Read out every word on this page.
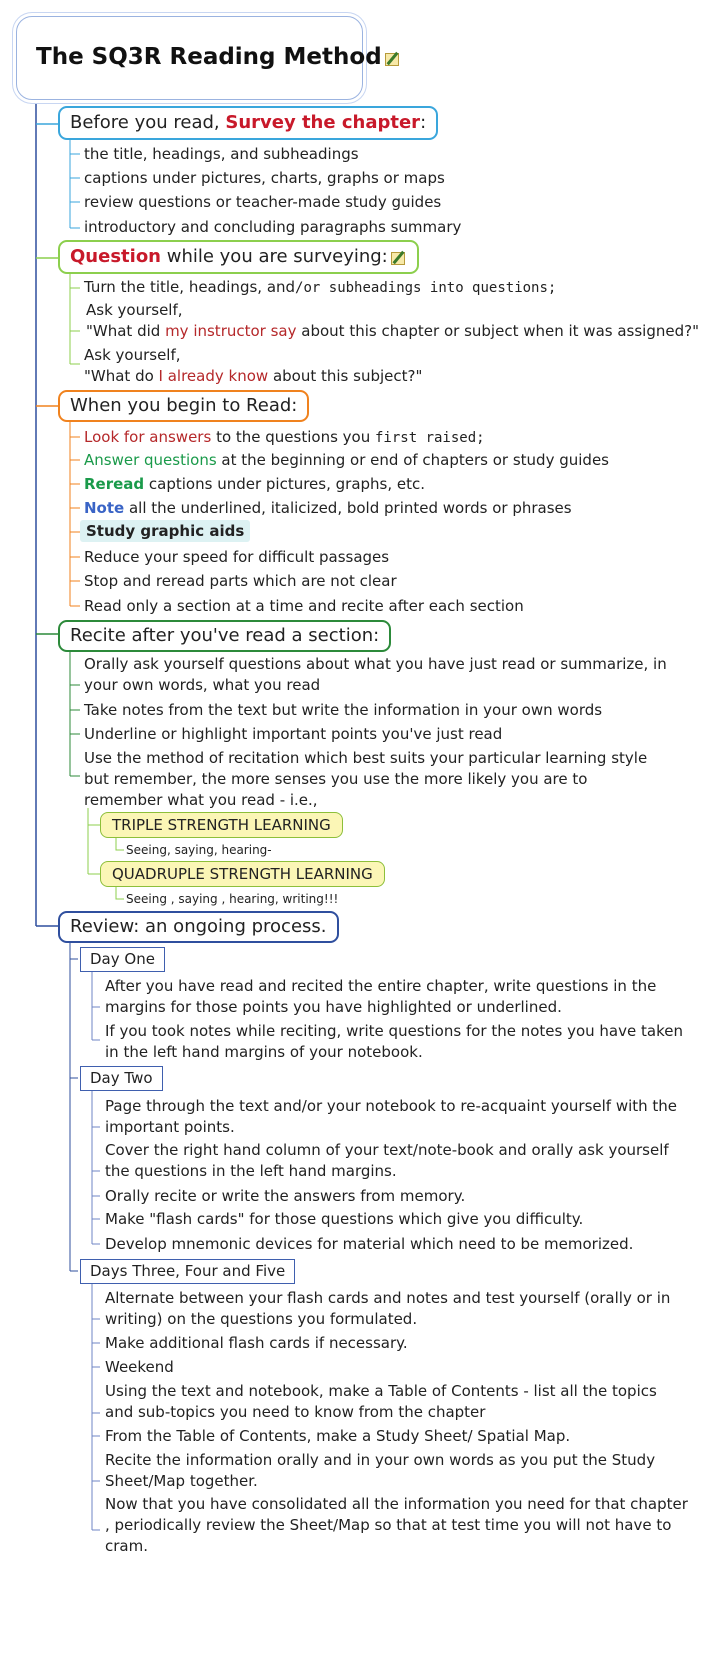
The SQ3R Reading Method
Before you read, Survey the chapter:
the title, headings, and subheadings
captions under pictures, charts, graphs or maps
review questions or teacher-made study guides
introductory and concluding paragraphs summary
Question while you are surveying:
Turn the title, headings, and/or subheadings into questions;
Ask yourself,
"What did my instructor say about this chapter or subject when it was assigned?"
Ask yourself,
"What do I already know about this subject?"
When you begin to Read:
Look for answers to the questions you first raised;
Answer questions at the beginning or end of chapters or study guides
Reread captions under pictures, graphs, etc.
Note all the underlined, italicized, bold printed words or phrases
Study graphic aids
Reduce your speed for difficult passages
Stop and reread parts which are not clear
Read only a section at a time and recite after each section
Recite after you've read a section:
Orally ask yourself questions about what you have just read or summarize, in
your own words, what you read
Take notes from the text but write the information in your own words
Underline or highlight important points you've just read
Use the method of recitation which best suits your particular learning style
but remember, the more senses you use the more likely you are to
remember what you read - i.e.,
TRIPLE STRENGTH LEARNING
Seeing, saying, hearing-
QUADRUPLE STRENGTH LEARNING
Seeing , saying , hearing, writing!!!
Review: an ongoing process.
Day One
After you have read and recited the entire chapter, write questions in the
margins for those points you have highlighted or underlined.
If you took notes while reciting, write questions for the notes you have taken
in the left hand margins of your notebook.
Day Two
Page through the text and/or your notebook to re-acquaint yourself with the
important points.
Cover the right hand column of your text/note-book and orally ask yourself
the questions in the left hand margins.
Orally recite or write the answers from memory.
Make "flash cards" for those questions which give you difficulty.
Develop mnemonic devices for material which need to be memorized.
Days Three, Four and Five
Alternate between your flash cards and notes and test yourself (orally or in
writing) on the questions you formulated.
Make additional flash cards if necessary.
Weekend
Using the text and notebook, make a Table of Contents - list all the topics
and sub-topics you need to know from the chapter
From the Table of Contents, make a Study Sheet/ Spatial Map.
Recite the information orally and in your own words as you put the Study
Sheet/Map together.
Now that you have consolidated all the information you need for that chapter
, periodically review the Sheet/Map so that at test time you will not have to
cram.
